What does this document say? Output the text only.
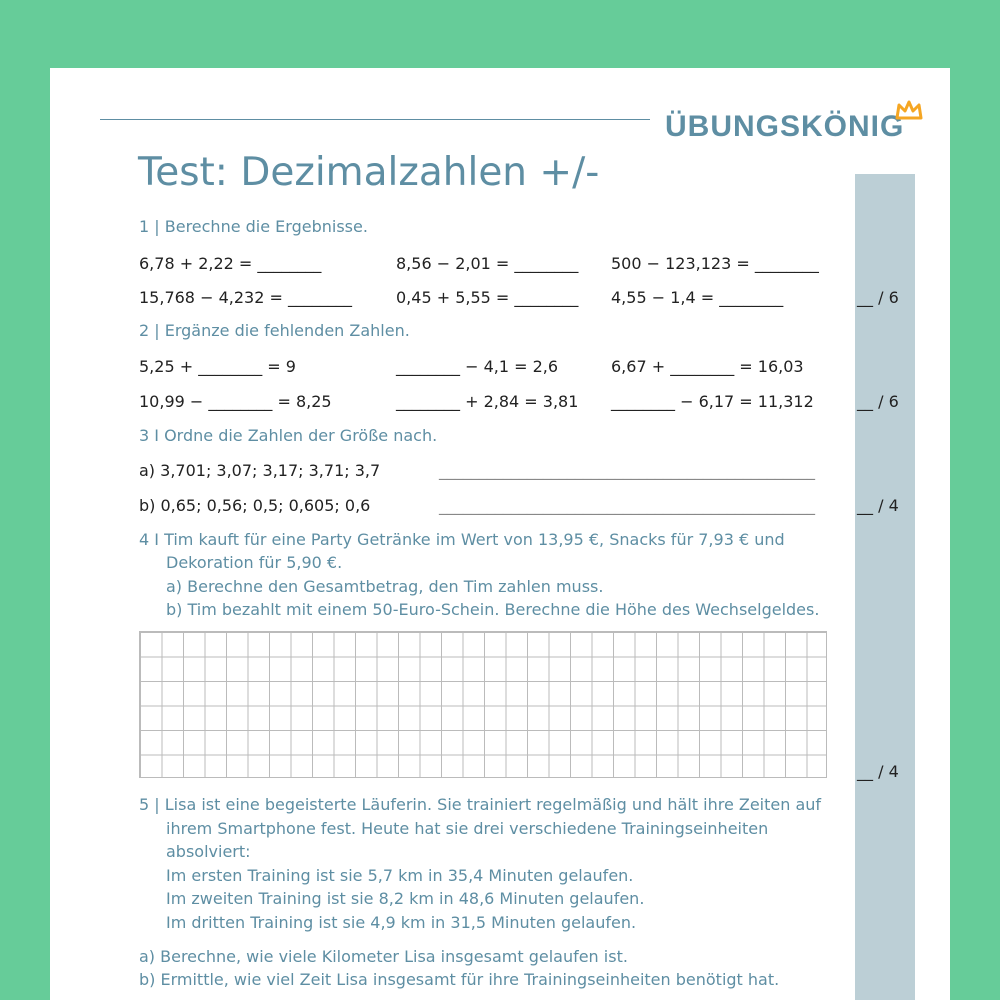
ÜBUNGSKÖNIG
Test: Dezimalzahlen +/-
1 | Berechne die Ergebnisse.
6,78 + 2,22 = ________	8,56 − 2,01 = ________ 500 − 123,123 = ________
15,768 − 4,232 = ________	0,45 + 5,55 = ________ 4,55 − 1,4 = ________	__ / 6
2 | Ergänze die fehlenden Zahlen.
5,25 + ________ = 9	________ − 4,1 = 2,6	6,67 + ________ = 16,03
10,99 − ________ = 8,25	________ + 2,84 = 3,81 ________ − 6,17 = 11,312	__ / 6
3 I Ordne die Zahlen der Größe nach.
a) 3,701; 3,07; 3,17; 3,71; 3,7	_______________________________________________
b) 0,65; 0,56; 0,5; 0,605; 0,6	_______________________________________________	__ / 4
4 I Tim kauft für eine Party Getränke im Wert von 13,95 €, Snacks für 7,93 € und
Dekoration für 5,90 €.
a) Berechne den Gesamtbetrag, den Tim zahlen muss.
b) Tim bezahlt mit einem 50-Euro-Schein. Berechne die Höhe des Wechselgeldes.
__ / 4
5 | Lisa ist eine begeisterte Läuferin. Sie trainiert regelmäßig und hält ihre Zeiten auf
ihrem Smartphone fest. Heute hat sie drei verschiedene Trainingseinheiten
absolviert:
Im ersten Training ist sie 5,7 km in 35,4 Minuten gelaufen.
Im zweiten Training ist sie 8,2 km in 48,6 Minuten gelaufen.
Im dritten Training ist sie 4,9 km in 31,5 Minuten gelaufen.
a) Berechne, wie viele Kilometer Lisa insgesamt gelaufen ist.
b) Ermittle, wie viel Zeit Lisa insgesamt für ihre Trainingseinheiten benötigt hat.
